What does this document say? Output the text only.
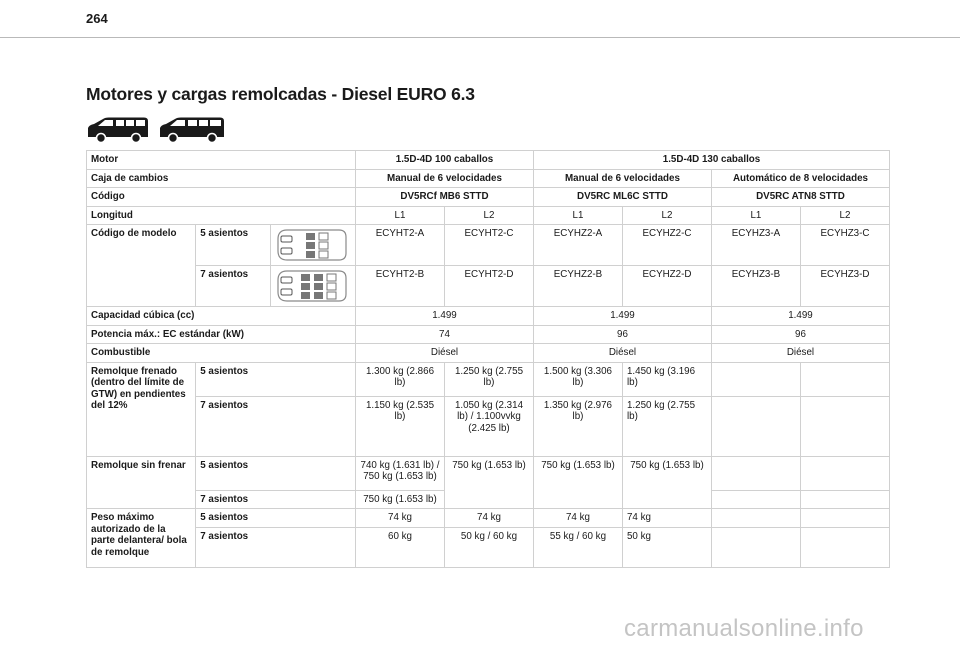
264
Motores y cargas remolcadas - Diesel EURO 6.3
Motor			1.5D-4D 100 caballos		1.5D-4D 130 caballos			
Caja de cambios			Manual de 6 velocidades		Manual de 6 velocidades		Automático de 8 velocidades	
Código			DV5RCf MB6 STTD		DV5RC ML6C STTD		DV5RC ATN8 STTD	
Longitud			L1	L2	L1	L2	L1	L2
Código de modelo	5 asientos		ECYHT2-A	ECYHT2-C	ECYHZ2-A	ECYHZ2-C	ECYHZ3-A	ECYHZ3-C
	7 asientos		ECYHT2-B	ECYHT2-D	ECYHZ2-B	ECYHZ2-D	ECYHZ3-B	ECYHZ3-D
Capacidad cúbica (cc)			1.499		1.499		1.499	
Potencia máx.: EC estándar (kW)			74		96		96	
Combustible			Diésel		Diésel		Diésel	
Remolque frenado (dentro del límite de GTW) en pendientes del 12%	5 asientos		1.300 kg (2.866 lb)	1.250 kg (2.755 lb)	1.500 kg (3.306 lb)	1.450 kg (3.196 lb)		
	7 asientos		1.150 kg (2.535 lb)	1.050 kg (2.314 lb) / 1.100vvkg (2.425 lb)	1.350 kg (2.976 lb)	1.250 kg (2.755 lb)		
Remolque sin frenar	5 asientos		740 kg (1.631 lb) / 750 kg (1.653 lb)	750 kg (1.653 lb)	750 kg (1.653 lb)	750 kg (1.653 lb)		
	7 asientos		750 kg (1.653 lb)					
Peso máximo autorizado de la parte delantera/ bola de remolque	5 asientos		74 kg	74 kg	74 kg	74 kg		
	7 asientos		60 kg	50 kg / 60 kg	55 kg / 60 kg	50 kg		
carmanualsonline.info
